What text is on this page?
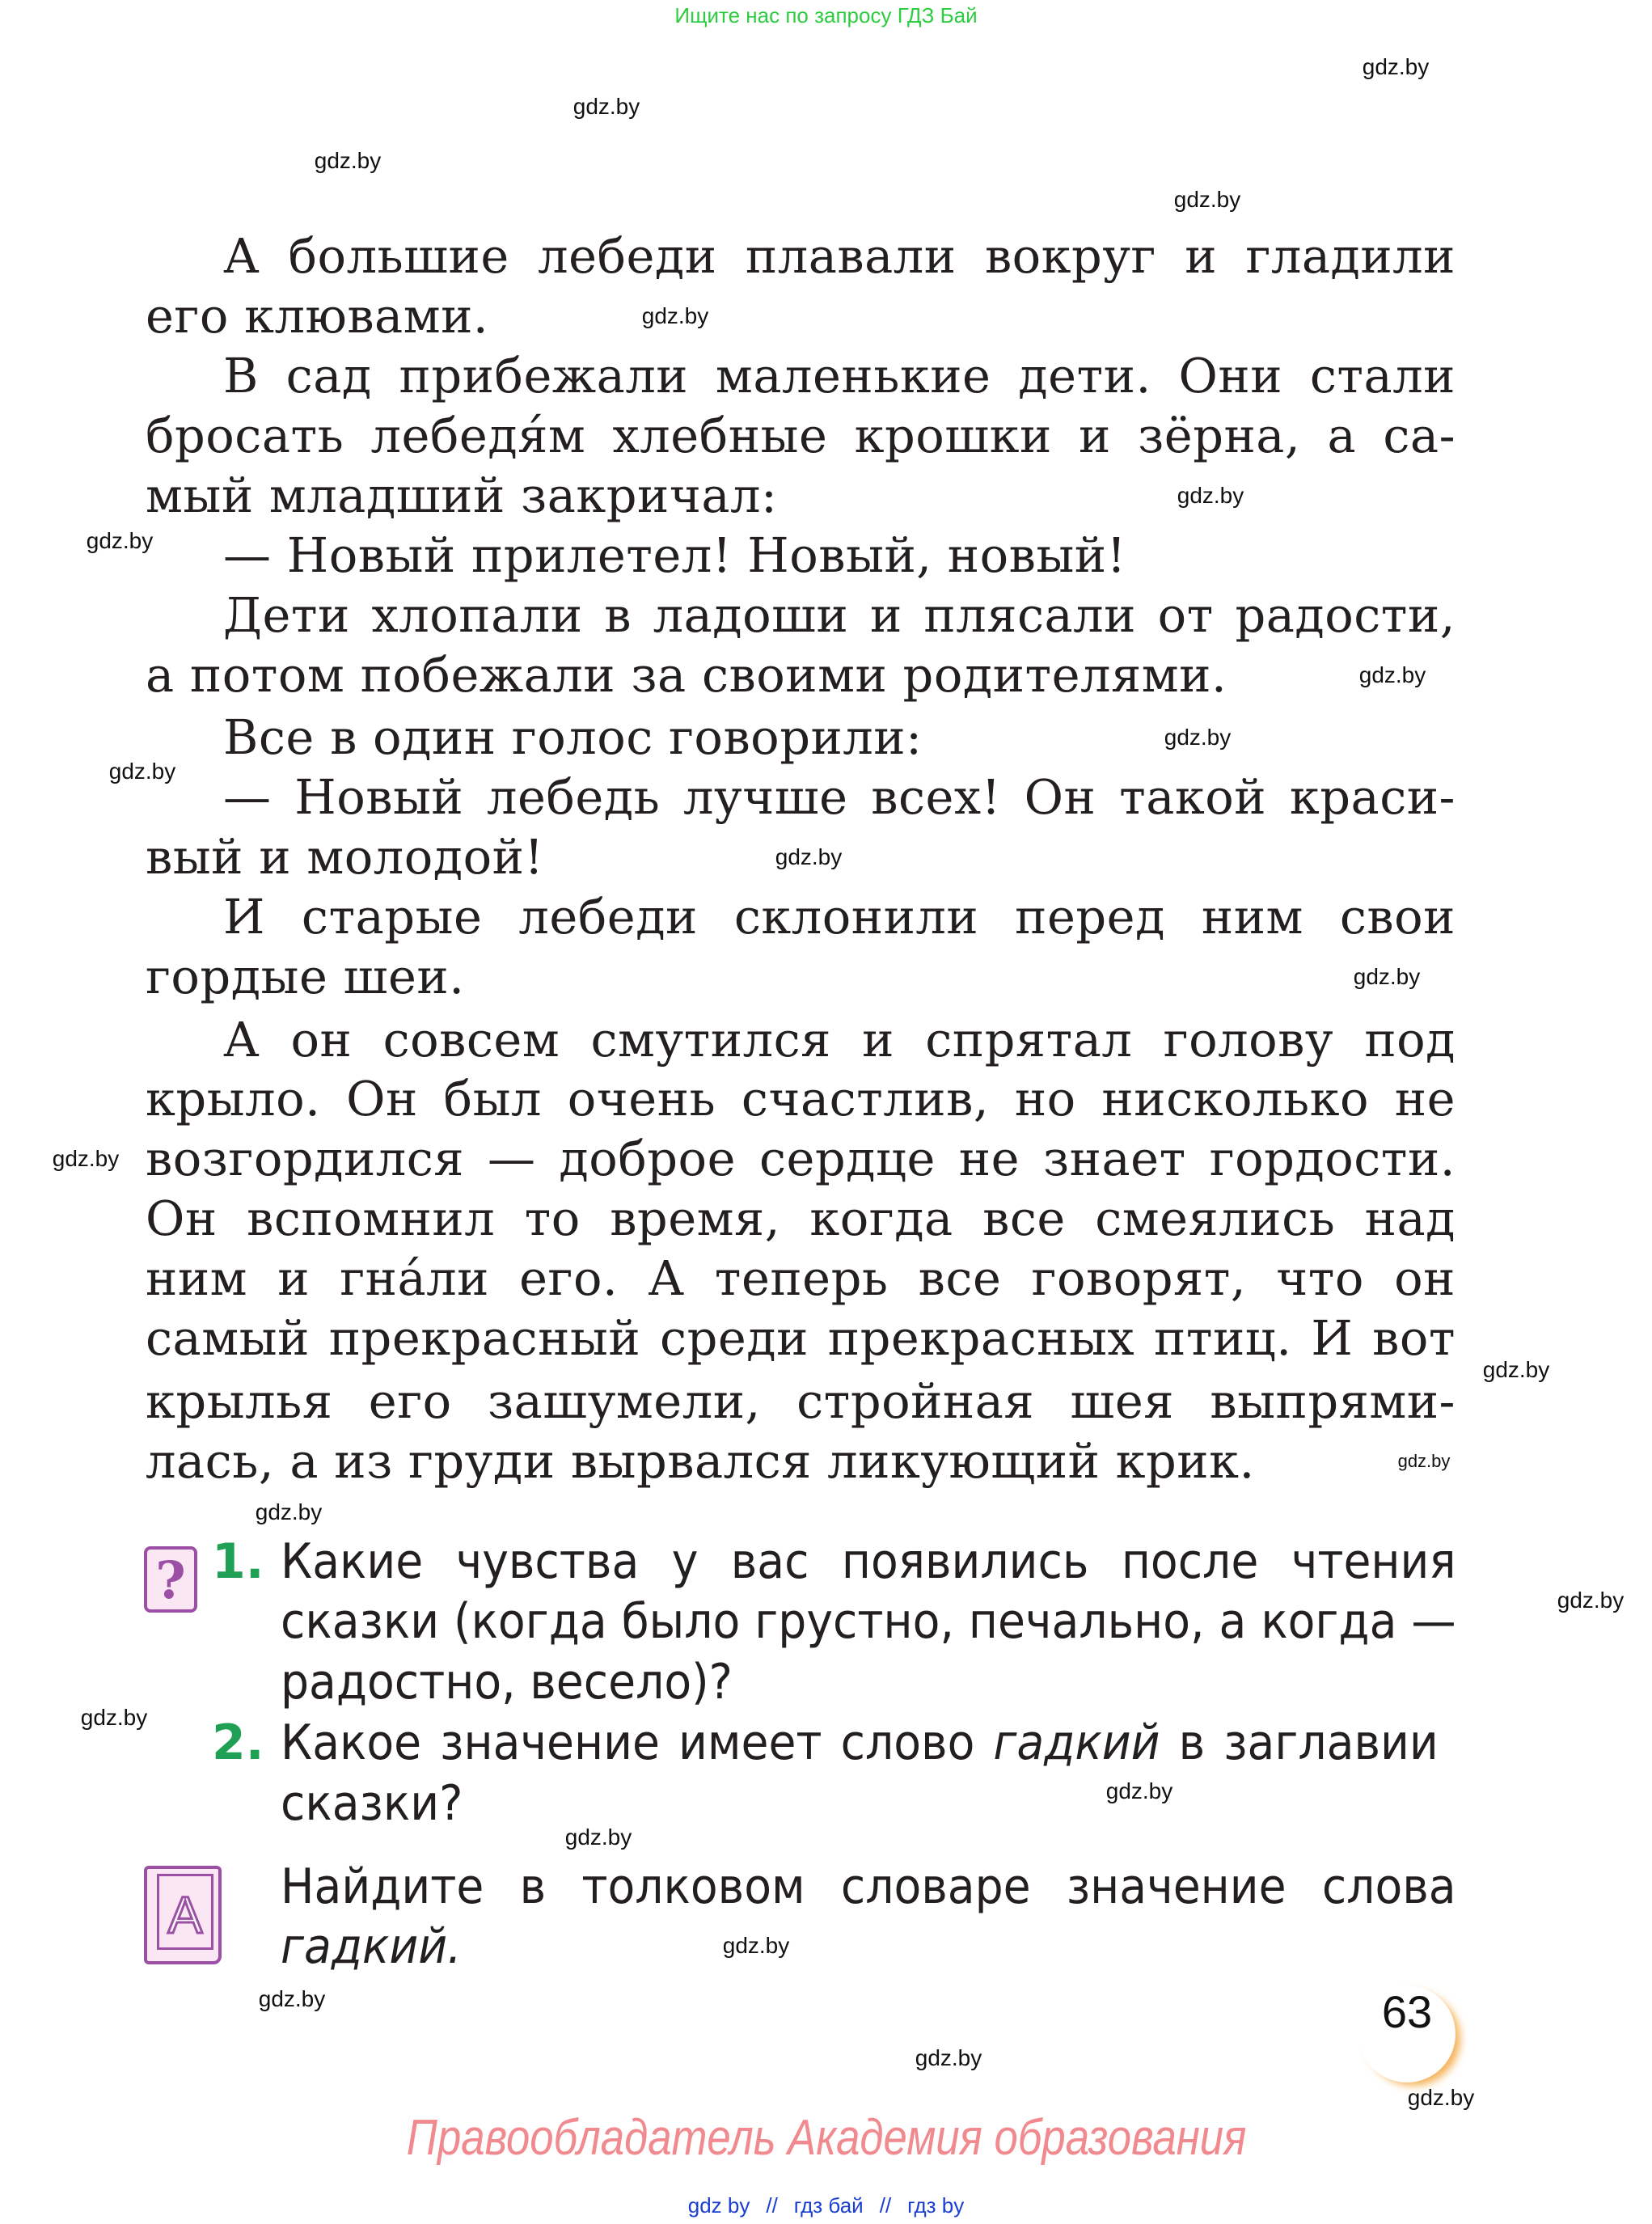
Ищите нас по запросу ГДЗ Бай
gdz.by
gdz.by
gdz.by
gdz.by
gdz.by
gdz.by
gdz.by
gdz.by
gdz.by
gdz.by
gdz.by
gdz.by
gdz.by
gdz.by
gdz.by
gdz.by
gdz.by
gdz.by
gdz.by
gdz.by
gdz.by
gdz.by
gdz.by
gdz.by
А большие лебеди плавали вокруг и гладили
его клювами.
В сад прибежали маленькие дети. Они стали
бросать лебедя́м хлебные крошки и зёрна, а са-
мый младший закричал:
— Новый прилетел! Новый, новый!
Дети хлопали в ладоши и плясали от радости,
а потом побежали за своими родителями.
Все в один голос говорили:
— Новый лебедь лучше всех! Он такой краси-
вый и молодой!
И старые лебеди склонили перед ним свои
гордые шеи.
А он совсем смутился и спрятал голову под
крыло. Он был очень счастлив, но нисколько не
возгордился — доброе сердце не знает гордости.
Он вспомнил то время, когда все смеялись над
ним и гна́ли его. А теперь все говорят, что он
самый прекрасный среди прекрасных птиц. И вот
крылья его зашумели, стройная шея выпрями-
лась, а из груди вырвался ликующий крик.
? 1. Какие чувства у вас появились после чтения
сказки (когда было грустно, печально, а когда —
радостно, весело)?
2. Какое значение имеет слово гадкий в заглавии
сказки?
A Найдите в толковом словаре значение слова
гадкий.
63
Правообладатель Академия образования
gdz by // гдз бай // гдз by
